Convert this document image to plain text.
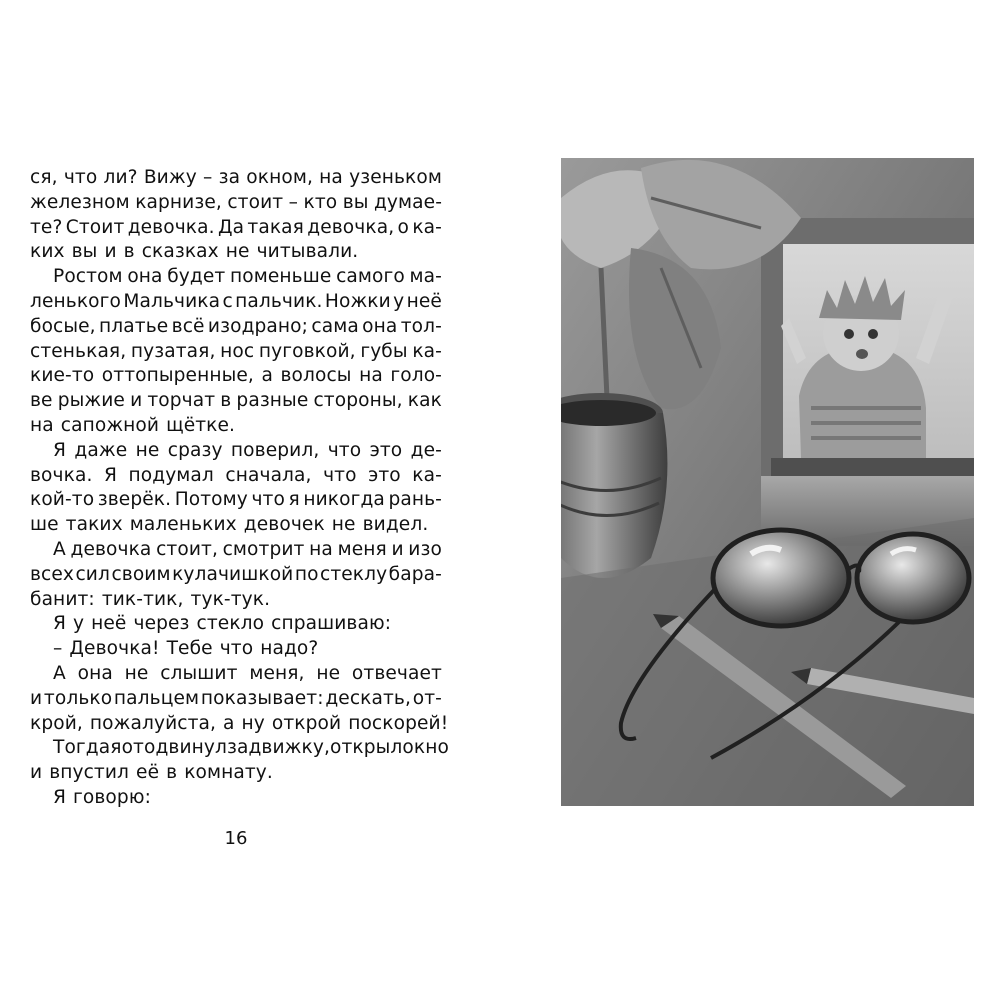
ся, что ли? Вижу – за окном, на узеньком
железном карнизе, стоит – кто вы думае-
те? Стоит девочка. Да такая девочка, о ка-
ких вы и в сказках не читывали.
Ростом она будет поменьше самого ма-
ленького Мальчика с пальчик. Ножки у неё
босые, платье всё изодрано; сама она тол-
стенькая, пузатая, нос пуговкой, губы ка-
кие-то оттопыренные, а волосы на голо-
ве рыжие и торчат в разные стороны, как
на сапожной щётке.
Я даже не сразу поверил, что это де-
вочка. Я подумал сначала, что это ка-
кой-то зверёк. Потому что я никогда рань-
ше таких маленьких девочек не видел.
А девочка стоит, смотрит на меня и изо
всех сил своим кулачишкой по стеклу бара-
банит: тик-тик, тук-тук.
Я у неё через стекло спрашиваю:
– Девочка! Тебе что надо?
А она не слышит меня, не отвечает
и только пальцем показывает: дескать, от-
крой, пожалуйста, а ну открой поскорей!
Тогда я отодвинул задвижку, открыл окно
и впустил её в комнату.
Я говорю:
16
